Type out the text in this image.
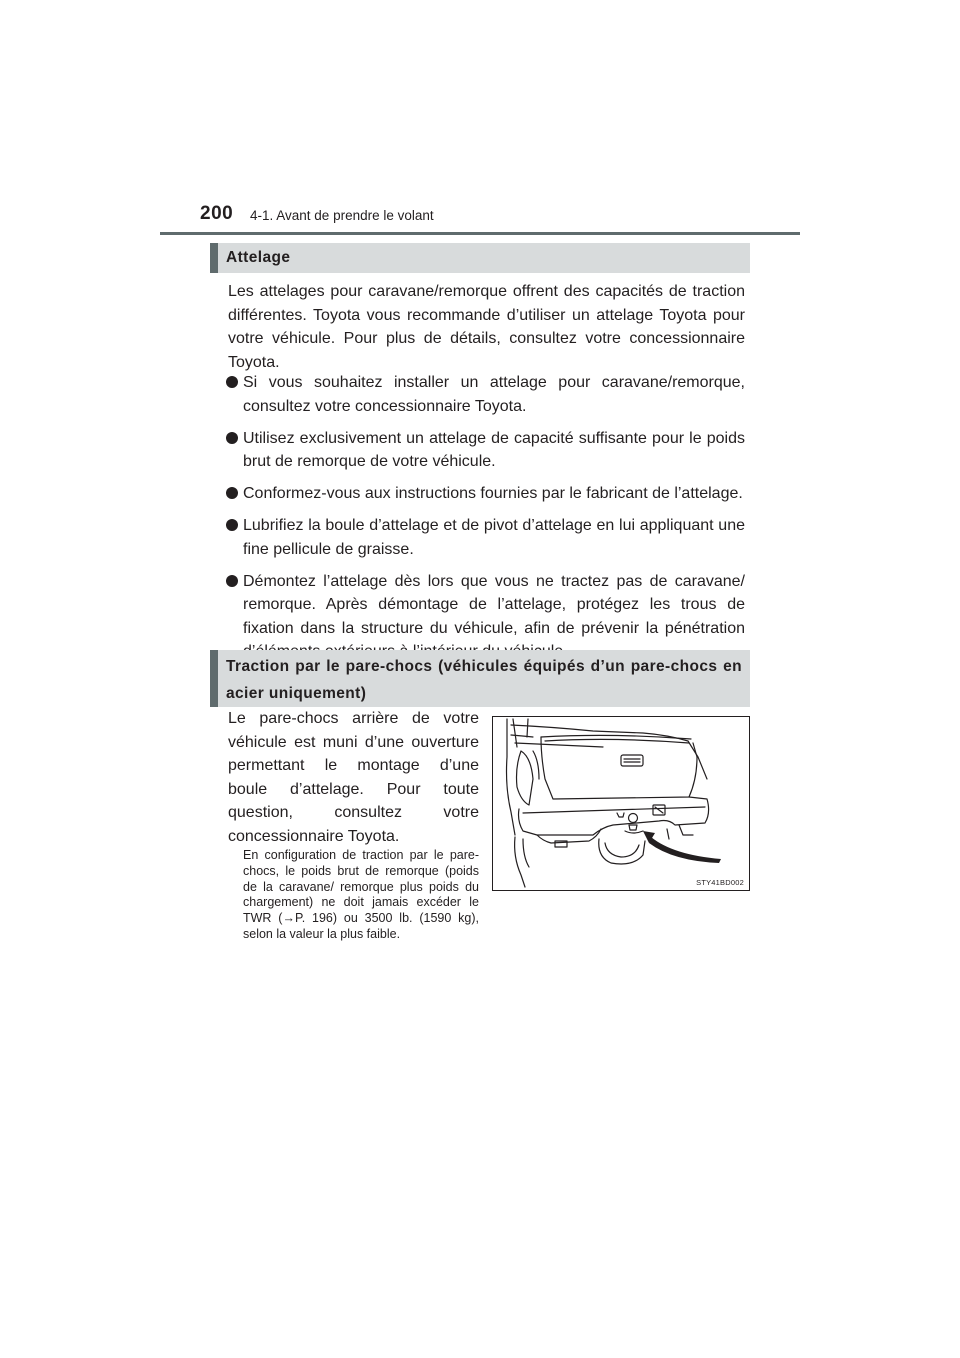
200 4-1. Avant de prendre le volant
Attelage
Les attelages pour caravane/remorque offrent des capacités de traction différentes. Toyota vous recommande d’utiliser un attelage Toyota pour votre véhicule. Pour plus de détails, consultez votre concessionnaire Toyota.
Si vous souhaitez installer un attelage pour caravane/remorque, consultez votre concessionnaire Toyota.
Utilisez exclusivement un attelage de capacité suffisante pour le poids brut de remorque de votre véhicule.
Conformez-vous aux instructions fournies par le fabricant de l’attelage.
Lubrifiez la boule d’attelage et de pivot d’attelage en lui appliquant une fine pellicule de graisse.
Démontez l’attelage dès lors que vous ne tractez pas de caravane/ remorque. Après démontage de l’attelage, protégez les trous de fixation dans la structure du véhicule, afin de prévenir la pénétration
Traction par le pare-chocs (véhicules équipés d’un pare-chocs en acier uniquement)
Le pare-chocs arrière de votre
véhicule est muni d’une ouverture
permettant le montage d’une
boule d’attelage. Pour toute
question, consultez votre
concessionnaire Toyota.
En configuration de traction par le pare-chocs, le poids brut de remorque (poids de la caravane/ remorque plus poids du chargement) ne doit jamais excéder le TWR (→P. 196) ou 3500 lb. (1590 kg), selon la valeur la plus faible.
STY41BD002
